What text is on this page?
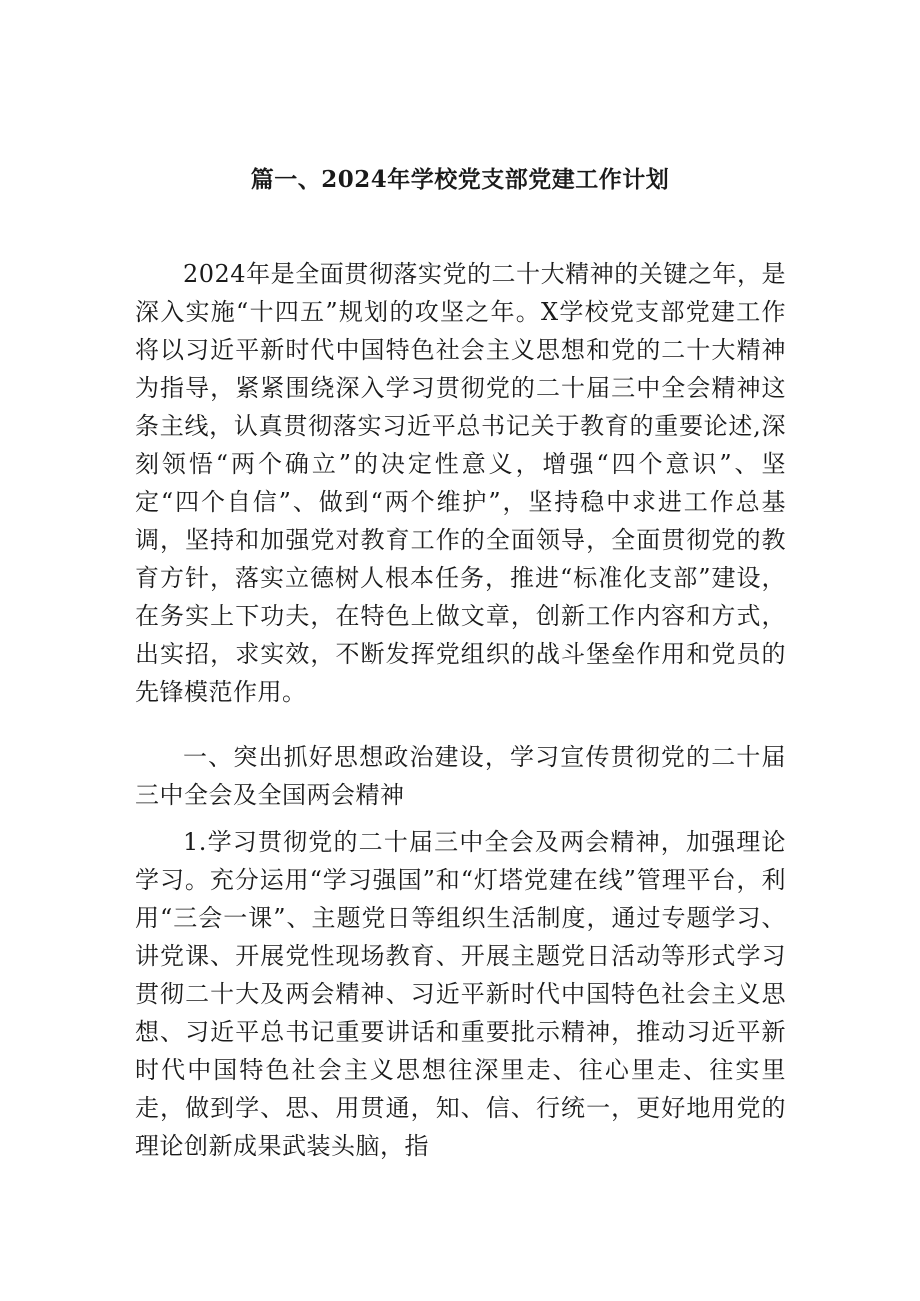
篇一、2024年学校党支部党建工作计划

2024年是全面贯彻落实党的二十大精神的关键之年，是深入实施“十四五”规划的攻坚之年。X学校党支部党建工作将以习近平新时代中国特色社会主义思想和党的二十大精神为指导，紧紧围绕深入学习贯彻党的二十届三中全会精神这条主线，认真贯彻落实习近平总书记关于教育的重要论述,深刻领悟“两个确立”的决定性意义，增强“四个意识”、坚定“四个自信”、做到“两个维护”，坚持稳中求进工作总基调，坚持和加强党对教育工作的全面领导，全面贯彻党的教育方针，落实立德树人根本任务，推进“标准化支部”建设，在务实上下功夫，在特色上做文章，创新工作内容和方式，出实招，求实效，不断发挥党组织的战斗堡垒作用和党员的先锋模范作用。

一、突出抓好思想政治建设，学习宣传贯彻党的二十届三中全会及全国两会精神

1.学习贯彻党的二十届三中全会及两会精神，加强理论学习。充分运用“学习强国”和“灯塔党建在线”管理平台，利用“三会一课”、主题党日等组织生活制度，通过专题学习、讲党课、开展党性现场教育、开展主题党日活动等形式学习贯彻二十大及两会精神、习近平新时代中国特色社会主义思想、习近平总书记重要讲话和重要批示精神，推动习近平新时代中国特色社会主义思想往深里走、往心里走、往实里走，做到学、思、用贯通，知、信、行统一，更好地用党的理论创新成果武装头脑，指
